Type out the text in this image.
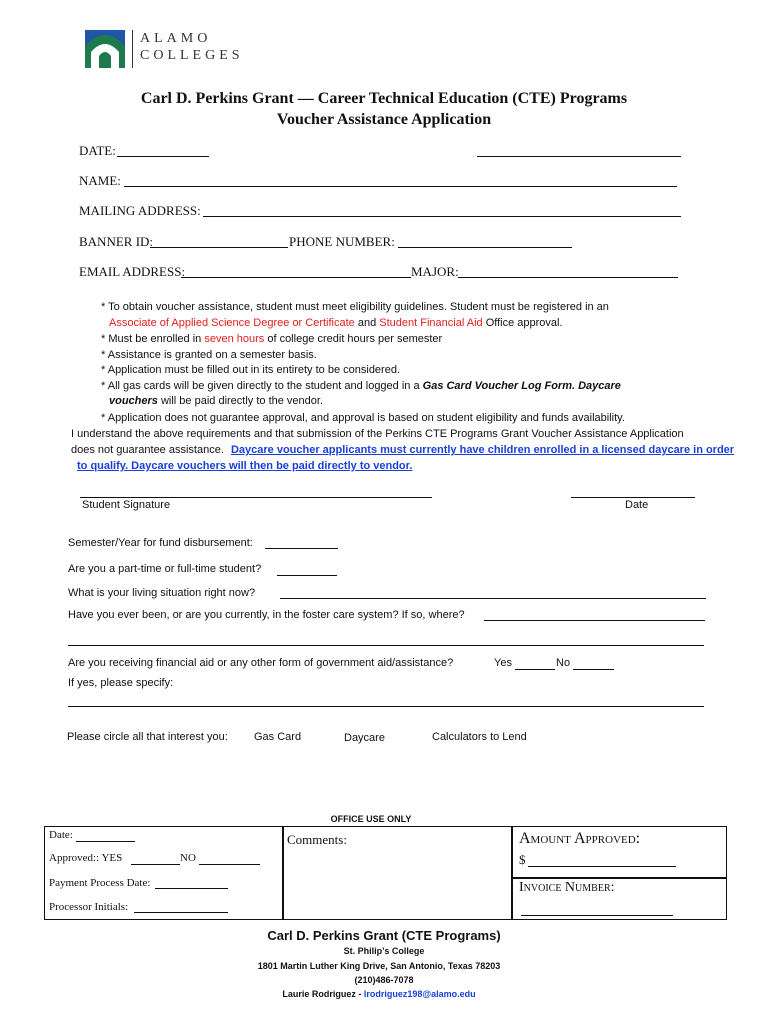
ALAMO
COLLEGES
Carl D. Perkins Grant — Career Technical Education (CTE) Programs
Voucher Assistance Application
DATE:
NAME:
MAILING ADDRESS:
BANNER ID:	PHONE NUMBER:
EMAIL ADDRESS:	MAJOR:
* To obtain voucher assistance, student must meet eligibility guidelines. Student must be registered in an
Associate of Applied Science Degree or Certificate and Student Financial Aid Office approval.
* Must be enrolled in seven hours of college credit hours per semester
* Assistance is granted on a semester basis.
* Application must be filled out in its entirety to be considered.
* All gas cards will be given directly to the student and logged in a Gas Card Voucher Log Form. Daycare
vouchers will be paid directly to the vendor.
* Application does not guarantee approval, and approval is based on student eligibility and funds availability.
I understand the above requirements and that submission of the Perkins CTE Programs Grant Voucher Assistance Application
does not guarantee assistance. Daycare voucher applicants must currently have children enrolled in a licensed daycare in order
to qualify. Daycare vouchers will then be paid directly to vendor.
Student Signature	Date
Semester/Year for fund disbursement:
Are you a part-time or full-time student?
What is your living situation right now?
Have you ever been, or are you currently, in the foster care system? If so, where?
Are you receiving financial aid or any other form of government aid/assistance?	Yes	No
If yes, please specify:
Please circle all that interest you: Gas Card	Daycare	Calculators to Lend
OFFICE USE ONLY
Date:
Approved:: YES	NO
Payment Process Date:
Processor Initials:
Comments:	Amount Approved:
$
Invoice Number:
Carl D. Perkins Grant (CTE Programs)
St. Philip’s College
1801 Martin Luther King Drive, San Antonio, Texas 78203
(210)486-7078
Laurie Rodriguez - lrodriguez198@alamo.edu
